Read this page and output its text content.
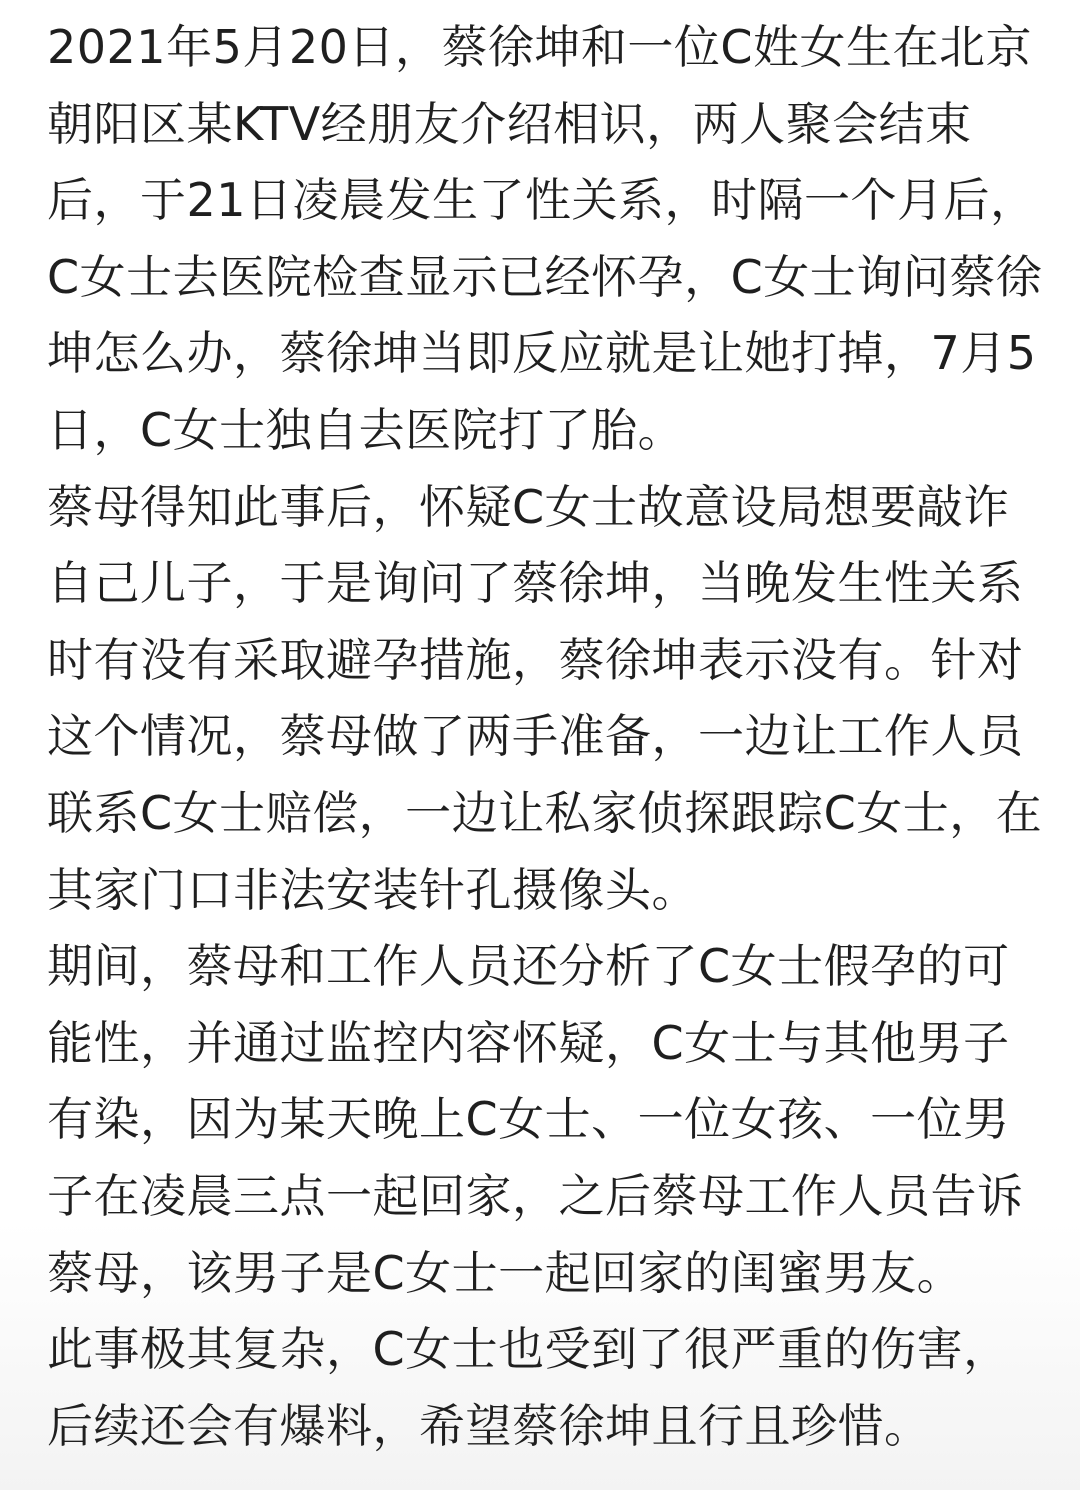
2021年5月20日，蔡徐坤和一位C姓女生在北京
朝阳区某KTV经朋友介绍相识，两人聚会结束
后，于21日凌晨发生了性关系，时隔一个月后，
C女士去医院检查显示已经怀孕，C女士询问蔡徐
坤怎么办，蔡徐坤当即反应就是让她打掉，7月5
日，C女士独自去医院打了胎。
蔡母得知此事后，怀疑C女士故意设局想要敲诈
自己儿子，于是询问了蔡徐坤，当晚发生性关系
时有没有采取避孕措施，蔡徐坤表示没有。针对
这个情况，蔡母做了两手准备，一边让工作人员
联系C女士赔偿，一边让私家侦探跟踪C女士，在
其家门口非法安装针孔摄像头。
期间，蔡母和工作人员还分析了C女士假孕的可
能性，并通过监控内容怀疑，C女士与其他男子
有染，因为某天晚上C女士、一位女孩、一位男
子在凌晨三点一起回家，之后蔡母工作人员告诉
蔡母，该男子是C女士一起回家的闺蜜男友。
此事极其复杂，C女士也受到了很严重的伤害，
后续还会有爆料，希望蔡徐坤且行且珍惜。
